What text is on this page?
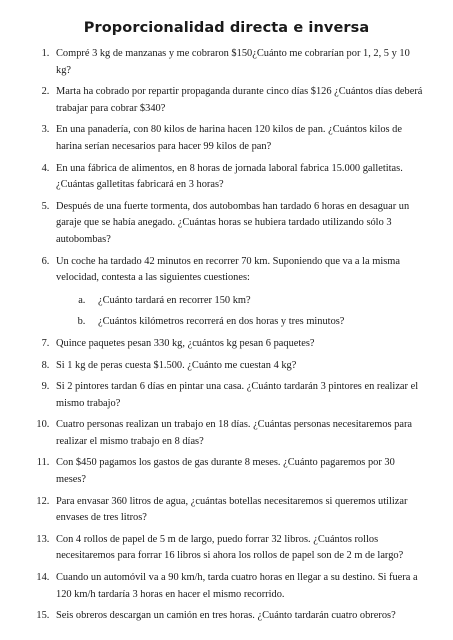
Proporcionalidad directa e inversa
1. Compré 3 kg de manzanas y me cobraron $150¿Cuánto me cobrarían por 1, 2, 5 y 10 kg?
2. Marta ha cobrado por repartir propaganda durante cinco días $126 ¿Cuántos días deberá trabajar para cobrar $340?
3. En una panadería, con 80 kilos de harina hacen 120 kilos de pan. ¿Cuántos kilos de harina serían necesarios para hacer 99 kilos de pan?
4. En una fábrica de alimentos, en 8 horas de jornada laboral fabrica 15.000 galletitas. ¿Cuántas galletitas fabricará en 3 horas?
5. Después de una fuerte tormenta, dos autobombas han tardado 6 horas en desaguar un garaje que se había anegado. ¿Cuántas horas se hubiera tardado utilizando sólo 3 autobombas?
6. Un coche ha tardado 42 minutos en recorrer 70 km. Suponiendo que va a la misma velocidad, contesta a las siguientes cuestiones:
a. ¿Cuánto tardará en recorrer 150 km?
b. ¿Cuántos kilómetros recorrerá en dos horas y tres minutos?
7. Quince paquetes pesan 330 kg, ¿cuántos kg pesan 6 paquetes?
8. Si 1 kg de peras cuesta $1.500. ¿Cuánto me cuestan 4 kg?
9. Si 2 pintores tardan 6 días en pintar una casa. ¿Cuánto tardarán 3 pintores en realizar el mismo trabajo?
10. Cuatro personas realizan un trabajo en 18 días. ¿Cuántas personas necesitaremos para realizar el mismo trabajo en 8 días?
11. Con $450 pagamos los gastos de gas durante 8 meses. ¿Cuánto pagaremos por 30 meses?
12. Para envasar 360 litros de agua, ¿cuántas botellas necesitaremos si queremos utilizar envases de tres litros?
13. Con 4 rollos de papel de 5 m de largo, puedo forrar 32 libros. ¿Cuántos rollos necesitaremos para forrar 16 libros si ahora los rollos de papel son de 2 m de largo?
14. Cuando un automóvil va a 90 km/h, tarda cuatro horas en llegar a su destino. Si fuera a 120 km/h tardaría 3 horas en hacer el mismo recorrido.
15. Seis obreros descargan un camión en tres horas. ¿Cuánto tardarán cuatro obreros?
